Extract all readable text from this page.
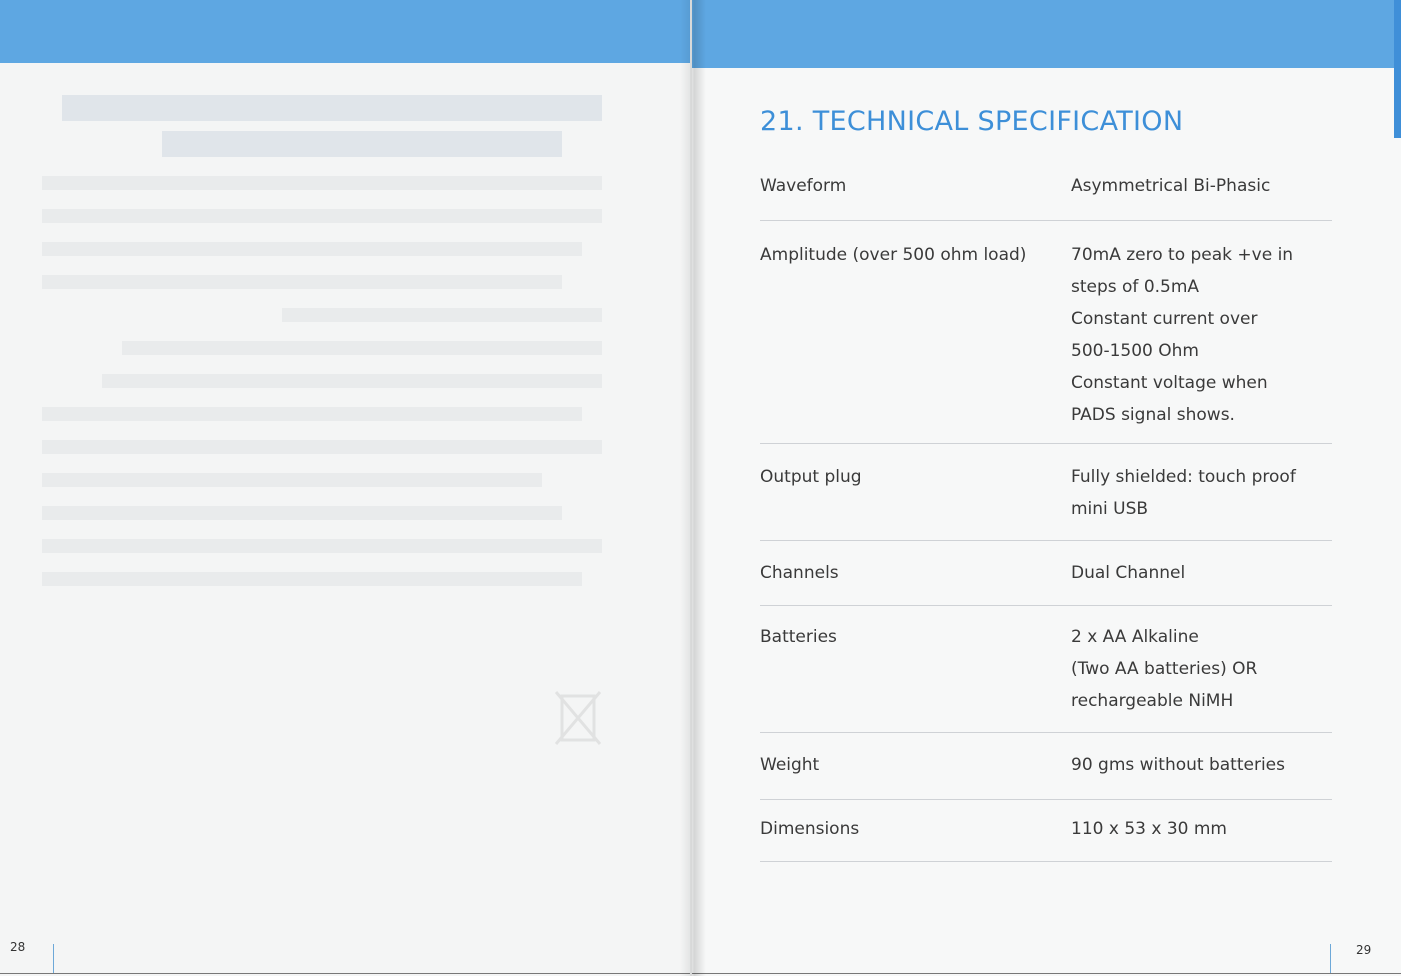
28
21. TECHNICAL SPECIFICATION
Waveform	Asymmetrical Bi-Phasic
Amplitude (over 500 ohm load)	70mA zero to peak +ve in
steps of 0.5mA
Constant current over
500-1500 Ohm
Constant voltage when
PADS signal shows.
Output plug	Fully shielded: touch proof
mini USB
Channels	Dual Channel
Batteries	2 x AA Alkaline
(Two AA batteries) OR
rechargeable NiMH
Weight	90 gms without batteries
Dimensions	110 x 53 x 30 mm
29
